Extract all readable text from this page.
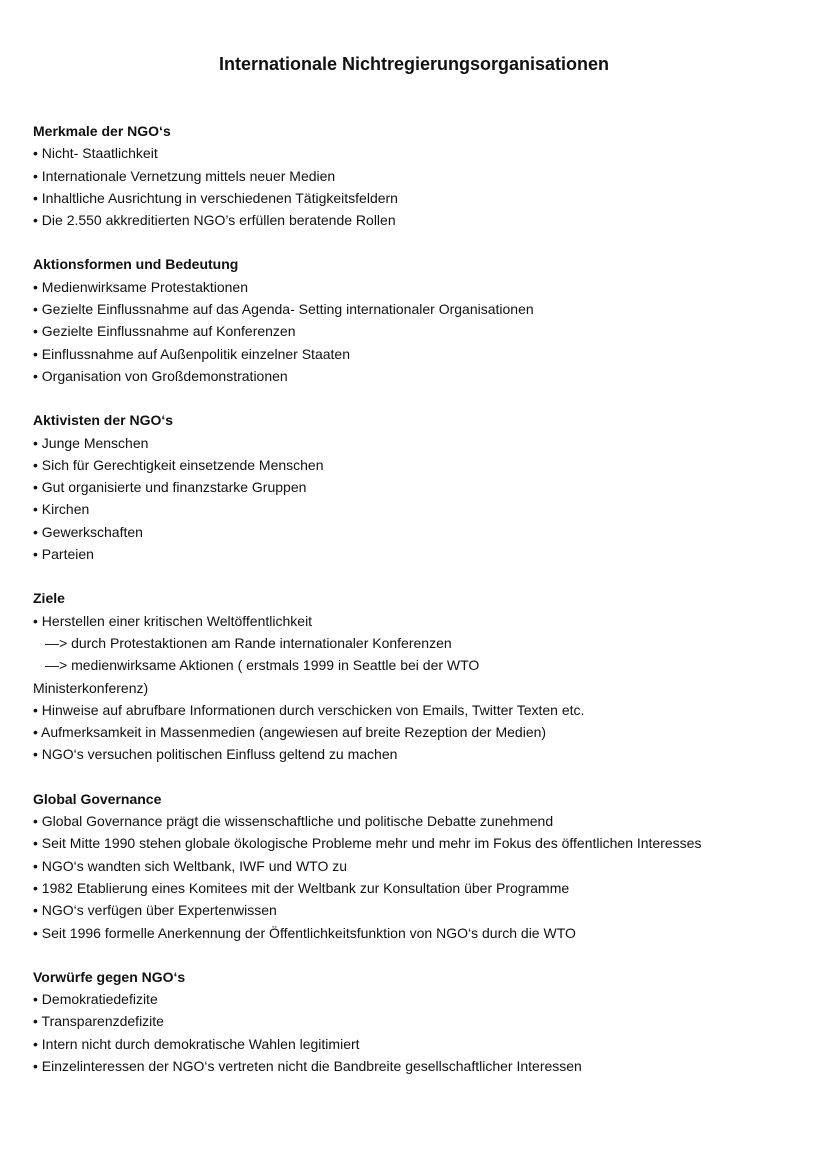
Internationale Nichtregierungsorganisationen

Merkmale der NGO‘s

• Nicht- Staatlichkeit

• Internationale Vernetzung mittels neuer Medien

• Inhaltliche Ausrichtung in verschiedenen Tätigkeitsfeldern

• Die 2.550 akkreditierten NGO’s erfüllen beratende Rollen

Aktionsformen und Bedeutung

• Medienwirksame Protestaktionen

• Gezielte Einflussnahme auf das Agenda- Setting internationaler Organisationen

• Gezielte Einflussnahme auf Konferenzen

• Einflussnahme auf Außenpolitik einzelner Staaten

• Organisation von Großdemonstrationen

Aktivisten der NGO‘s

• Junge Menschen

• Sich für Gerechtigkeit einsetzende Menschen

• Gut organisierte und finanzstarke Gruppen

• Kirchen

• Gewerkschaften

• Parteien

Ziele

• Herstellen einer kritischen Weltöffentlichkeit

—> durch Protestaktionen am Rande internationaler Konferenzen

—> medienwirksame Aktionen ( erstmals 1999 in Seattle bei der WTO

Ministerkonferenz)

• Hinweise auf abrufbare Informationen durch verschicken von Emails, Twitter Texten etc.

• Aufmerksamkeit in Massenmedien (angewiesen auf breite Rezeption der Medien)

• NGO‘s versuchen politischen Einfluss geltend zu machen

Global Governance

• Global Governance prägt die wissenschaftliche und politische Debatte zunehmend

• Seit Mitte 1990 stehen globale ökologische Probleme mehr und mehr im Fokus des öffentlichen Interesses

• NGO‘s wandten sich Weltbank, IWF und WTO zu

• 1982 Etablierung eines Komitees mit der Weltbank zur Konsultation über Programme

• NGO‘s verfügen über Expertenwissen

• Seit 1996 formelle Anerkennung der Öffentlichkeitsfunktion von NGO‘s durch die WTO

Vorwürfe gegen NGO‘s

• Demokratiedefizite

• Transparenzdefizite

• Intern nicht durch demokratische Wahlen legitimiert

• Einzelinteressen der NGO‘s vertreten nicht die Bandbreite gesellschaftlicher Interessen
